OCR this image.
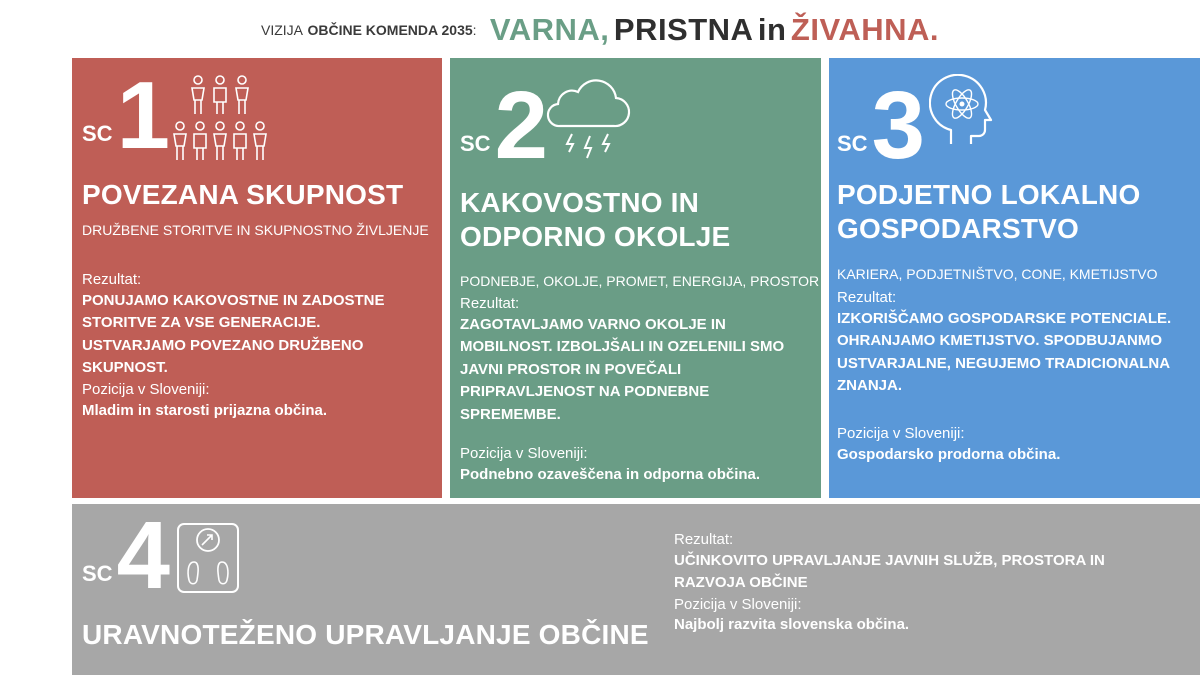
VIZIJA OBČINE KOMENDA 2035: VARNA, PRISTNA in ŽIVAHNA.
SC 1
POVEZANA SKUPNOST
DRUŽBENE STORITVE IN SKUPNOSTNO ŽIVLJENJE
Rezultat:
PONUJAMO KAKOVOSTNE IN ZADOSTNE STORITVE ZA VSE GENERACIJE. USTVARJAMO POVEZANO DRUŽBENO SKUPNOST.
Pozicija v Sloveniji:
Mladim in starosti prijazna občina.
SC 2
KAKOVOSTNO IN
ODPORNO OKOLJE
PODNEBJE, OKOLJE, PROMET, ENERGIJA, PROSTOR
Rezultat:
ZAGOTAVLJAMO VARNO OKOLJE IN MOBILNOST. IZBOLJŠALI IN OZELENILI SMO JAVNI PROSTOR IN POVEČALI PRIPRAVLJENOST NA PODNEBNE SPREMEMBE.
Pozicija v Sloveniji:
Podnebno ozaveščena in odporna občina.
SC 3
PODJETNO LOKALNO
GOSPODARSTVO
KARIERA, PODJETNIŠTVO, CONE, KMETIJSTVO
Rezultat:
IZKORIŠČAMO GOSPODARSKE POTENCIALE. OHRANJAMO KMETIJSTVO. SPODBUJANMO USTVARJALNE, NEGUJEMO TRADICIONALNA ZNANJA.
Pozicija v Sloveniji:
Gospodarsko prodorna občina.
SC 4
URAVNOTEŽENO UPRAVLJANJE OBČINE
Rezultat:
UČINKOVITO UPRAVLJANJE JAVNIH SLUŽB, PROSTORA IN
RAZVOJA OBČINE
Pozicija v Sloveniji:
Najbolj razvita slovenska občina.
